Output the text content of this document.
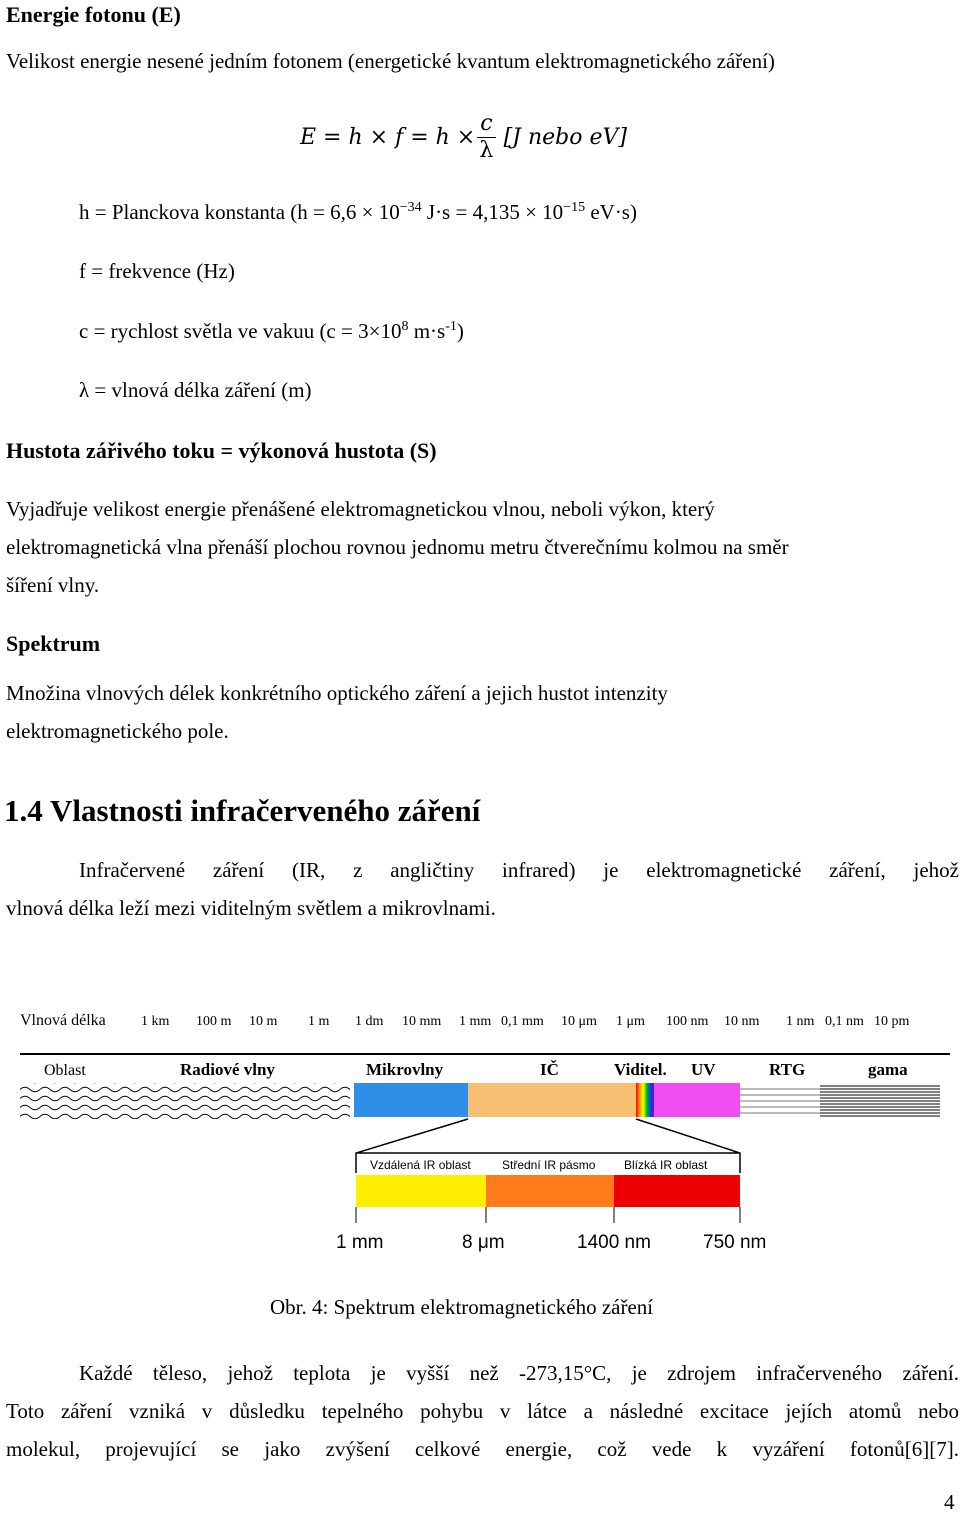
Energie fotonu (E)
Velikost energie nesené jedním fotonem (energetické kvantum elektromagnetického záření)
$E = h \times f = h \times \frac{c}{\lambda} [J$ nebo eV]
h = Planckova konstanta ($h = 6,6 \times 10^{-34}$ $J\cdot s = 4,135 \times 10^{-15}$ eV·s)
f = frekvence (Hz)
c = rychlost světla ve vakuu ($c = 3\times 10^8$ $m\cdot s^{-1}$)
λ = vlnová délka záření (m)
Hustota zářivého toku = výkonová hustota (S)
Vyjadřuje velikost energie přenášené elektromagnetickou vlnou, neboli výkon, který
elektromagnetická vlna přenáší plochou rovnou jednomu metru čtverečnímu kolmou na směr
šíření vlny.
Spektrum
Množina vlnových délek konkrétního optického záření a jejich hustot intenzity
elektromagnetického pole.
1.4 Vlastnosti infračerveného záření
Infračervené záření (IR, z angličtiny infrared) je elektromagnetické záření, jehož
vlnová délka leží mezi viditelným světlem a mikrovlnami.
Vlnová délka	1 km 100 m 10 m 1 m 1 dm 10 mm 1 mm 0,1 mm 10 μm 1 μm 100 nm 10 nm 1 nm 0,1 nm 10 pm
Oblast	Radiové vlny	Mikrovlny	IČ	Viditel. UV	RTG	gama
Vzdálená IR oblast	Střední IR pásmo Blízká IR oblast
1 mm	8 μm	1400 nm	750 nm
Obr. 4: Spektrum elektromagnetického záření
Každé těleso, jehož teplota je vyšší než -273,15°C, je zdrojem infračerveného záření.
Toto záření vzniká v důsledku tepelného pohybu v látce a následné excitace jejích atomů nebo
molekul, projevující se jako zvýšení celkové energie, což vede k vyzáření fotonů[6][7].
4
